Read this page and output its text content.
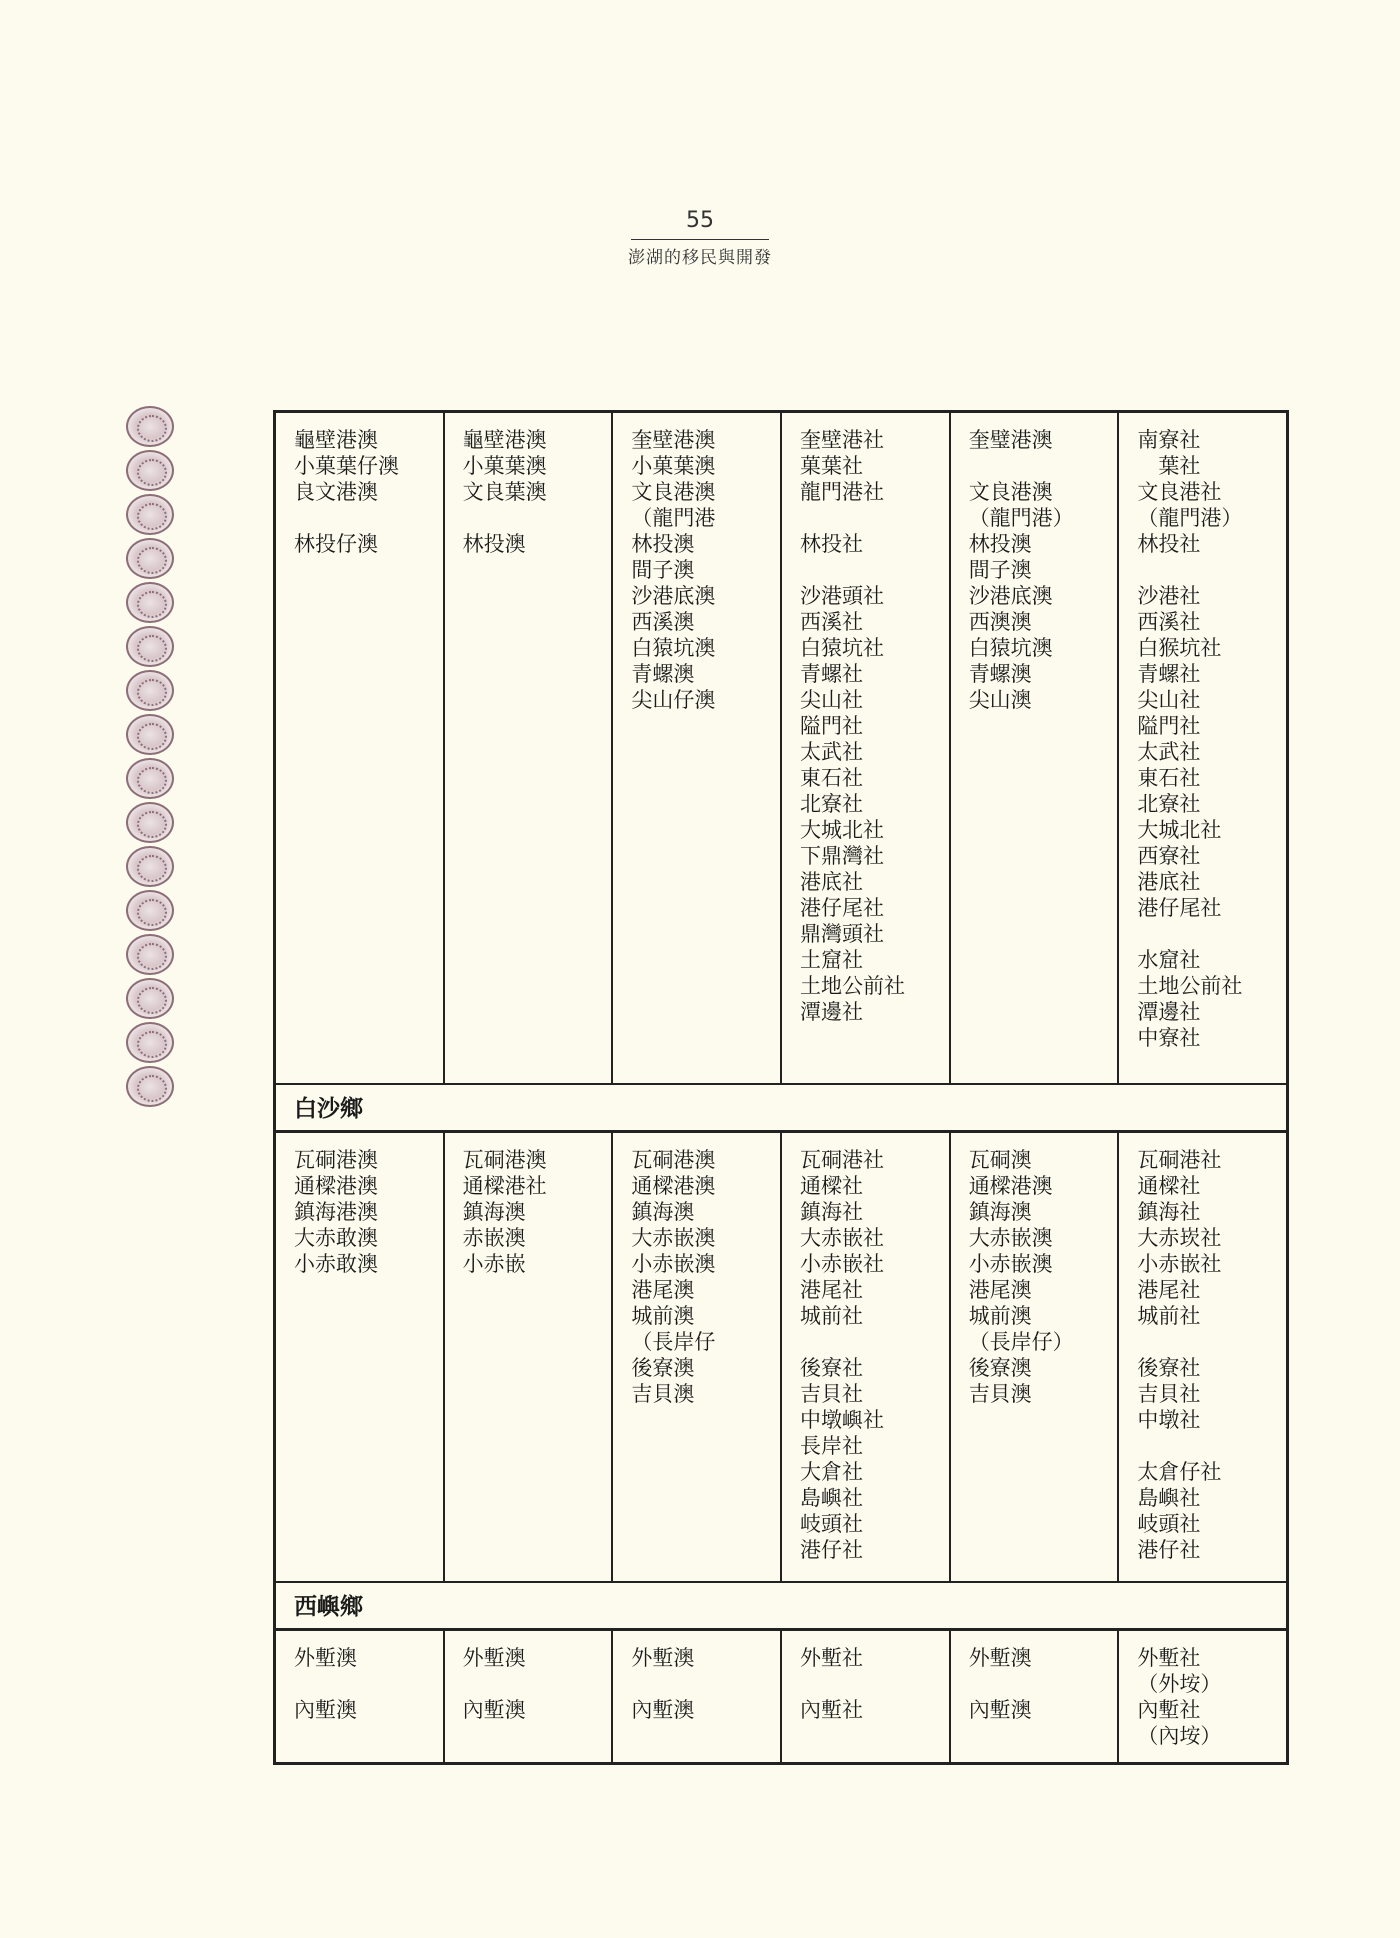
55
澎湖的移民與開發
龜壁港澳
小菓葉仔澳
良文港澳
林投仔澳
龜壁港澳
小菓葉澳
文良葉澳
林投澳
奎壁港澳
小菓葉澳
文良港澳
（龍門港
林投澳
間子澳
沙港底澳
西溪澳
白猿坑澳
青螺澳
尖山仔澳
奎壁港社
菓葉社
龍門港社
林投社
沙港頭社
西溪社
白猿坑社
青螺社
尖山社
隘門社
太武社
東石社
北寮社
大城北社
下鼎灣社
港底社
港仔尾社
鼎灣頭社
土窟社
土地公前社
潭邊社
奎璧港澳
文良港澳
（龍門港）
林投澳
間子澳
沙港底澳
西澳澳
白猿坑澳
青螺澳
尖山澳
南寮社
　葉社
文良港社
（龍門港）
林投社
沙港社
西溪社
白猴坑社
青螺社
尖山社
隘門社
太武社
東石社
北寮社
大城北社
西寮社
港底社
港仔尾社
水窟社
土地公前社
潭邊社
中寮社
白沙鄉
瓦硐港澳
通樑港澳
鎮海港澳
大赤敢澳
小赤敢澳
瓦硐港澳
通樑港社
鎮海澳
赤嵌澳
小赤嵌
瓦硐港澳
通樑港澳
鎮海澳
大赤嵌澳
小赤嵌澳
港尾澳
城前澳
（長岸仔
後寮澳
吉貝澳
瓦硐港社
通樑社
鎮海社
大赤嵌社
小赤嵌社
港尾社
城前社
後寮社
吉貝社
中墩嶼社
長岸社
大倉社
島嶼社
岐頭社
港仔社
瓦硐澳
通樑港澳
鎮海澳
大赤嵌澳
小赤嵌澳
港尾澳
城前澳
（長岸仔）
後寮澳
吉貝澳
瓦硐港社
通樑社
鎮海社
大赤崁社
小赤嵌社
港尾社
城前社
後寮社
吉貝社
中墩社
太倉仔社
島嶼社
岐頭社
港仔社
西嶼鄉
外塹澳
內塹澳
外塹澳
內塹澳
外塹澳
內塹澳
外塹社
內塹社
外塹澳
內塹澳
外塹社
（外垵）
內塹社
（內垵）
